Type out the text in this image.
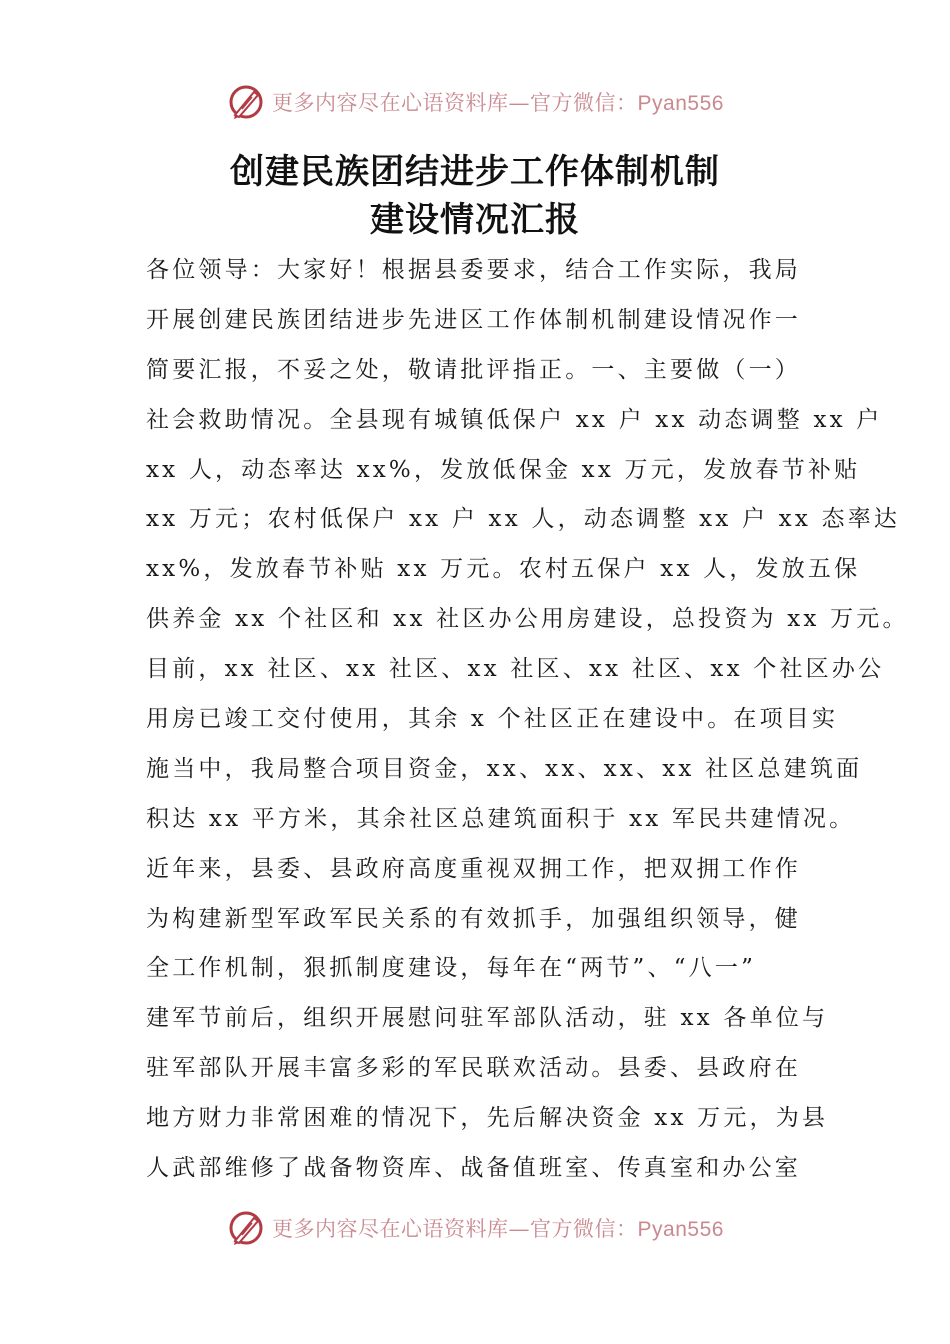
更多内容尽在心语资料库—官方微信：Pyan556
创建民族团结进步工作体制机制
建设情况汇报
各位领导：大家好！根据县委要求，结合工作实际，我局
开展创建民族团结进步先进区工作体制机制建设情况作一
简要汇报，不妥之处，敬请批评指正。一、主要做（一）
社会救助情况。全县现有城镇低保户 xx 户 xx 动态调整 xx 户
xx 人，动态率达 xx%，发放低保金 xx 万元，发放春节补贴
xx 万元；农村低保户 xx 户 xx 人，动态调整 xx 户 xx 态率达
xx%，发放春节补贴 xx 万元。农村五保户 xx 人，发放五保
供养金 xx 个社区和 xx 社区办公用房建设，总投资为 xx 万元。
目前，xx 社区、xx 社区、xx 社区、xx 社区、xx 个社区办公
用房已竣工交付使用，其余 x 个社区正在建设中。在项目实
施当中，我局整合项目资金，xx、xx、xx、xx 社区总建筑面
积达 xx 平方米，其余社区总建筑面积于 xx 军民共建情况。
近年来，县委、县政府高度重视双拥工作，把双拥工作作
为构建新型军政军民关系的有效抓手，加强组织领导，健
全工作机制，狠抓制度建设，每年在“两节”、“八一”
建军节前后，组织开展慰问驻军部队活动，驻 xx 各单位与
驻军部队开展丰富多彩的军民联欢活动。县委、县政府在
地方财力非常困难的情况下，先后解决资金 xx 万元，为县
人武部维修了战备物资库、战备值班室、传真室和办公室
更多内容尽在心语资料库—官方微信：Pyan556
